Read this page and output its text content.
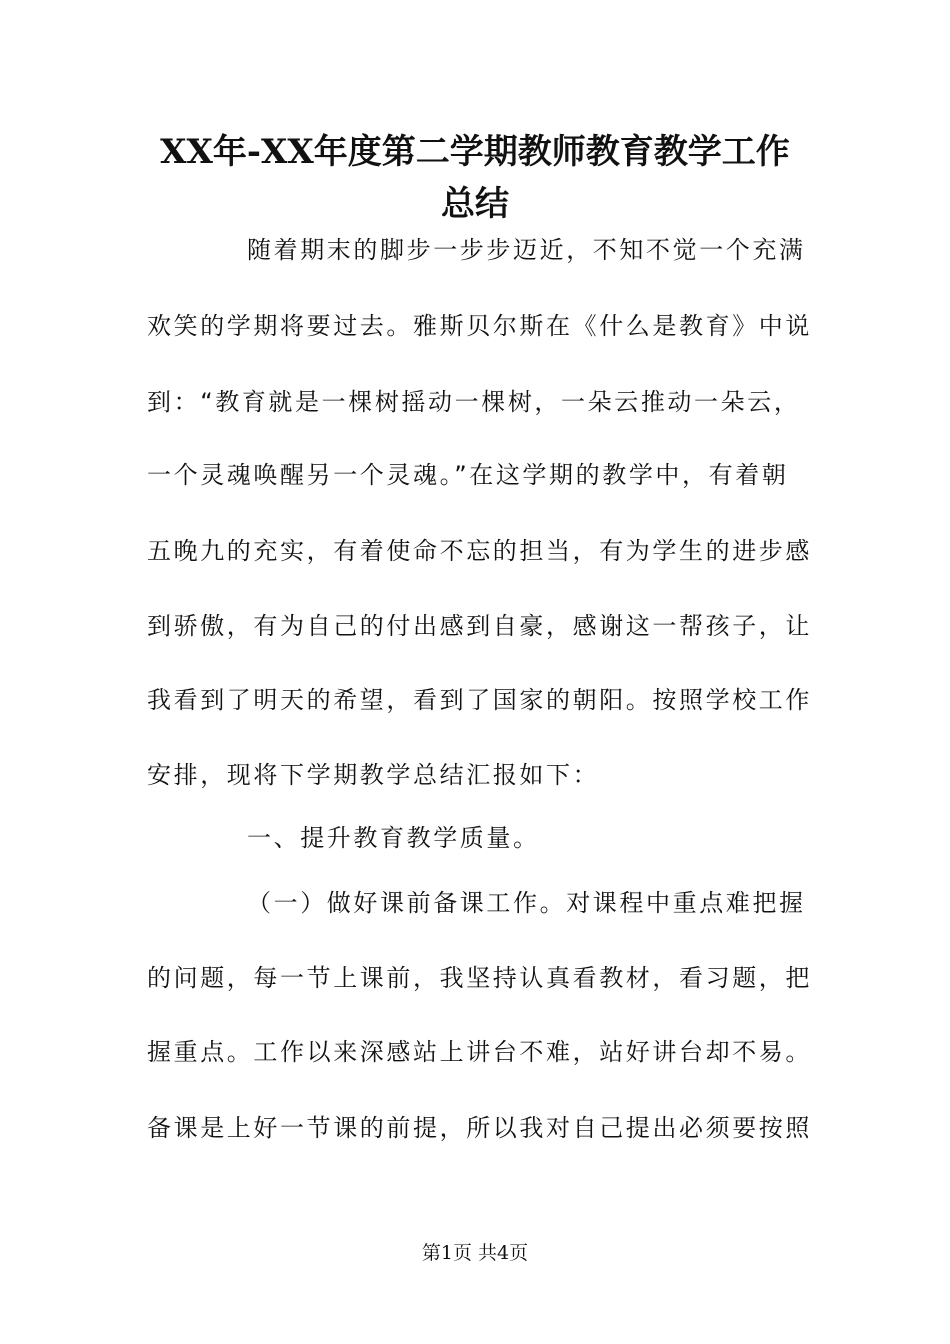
XX年-XX年度第二学期教师教育教学工作
总结

随着期末的脚步一步步迈近，不知不觉一个充满

欢笑的学期将要过去。雅斯贝尔斯在《什么是教育》中说

到：“教育就是一棵树摇动一棵树，一朵云推动一朵云，

一个灵魂唤醒另一个灵魂。”在这学期的教学中，有着朝

五晚九的充实，有着使命不忘的担当，有为学生的进步感

到骄傲，有为自己的付出感到自豪，感谢这一帮孩子，让

我看到了明天的希望，看到了国家的朝阳。按照学校工作

安排，现将下学期教学总结汇报如下：

一、提升教育教学质量。

（一）做好课前备课工作。对课程中重点难把握

的问题，每一节上课前，我坚持认真看教材，看习题，把

握重点。工作以来深感站上讲台不难，站好讲台却不易。

备课是上好一节课的前提，所以我对自己提出必须要按照

第1页 共4页
